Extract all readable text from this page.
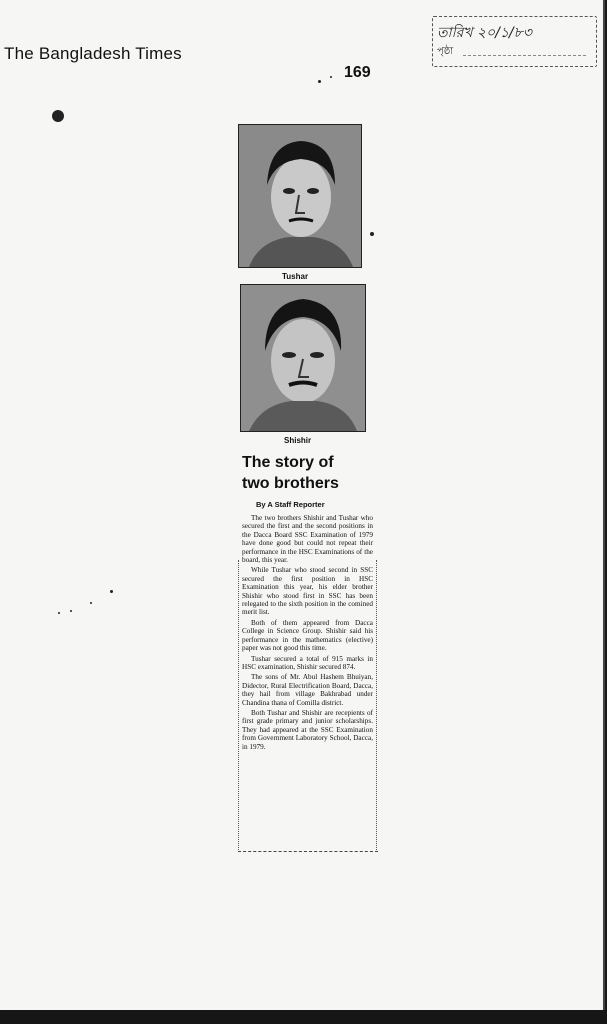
The Bangladesh Times
169
তারিখ ২০/১/৮৩
পৃষ্ঠা
Tushar
Shishir
The story of
two brothers
By A Staff Reporter

The two brothers Shishir and Tushar who secured the first and the second positions in the Dacca Board SSC Examination of 1979 have done good but could not repeat their performance in the HSC Examinations of the board, this year.

While Tushar who stood second in SSC secured the first position in HSC Examination this year, his elder brother Shishir who stood first in SSC has been relegated to the sixth position in the comined merit list.

Both of them appeared from Dacca College in Science Group. Shishir said his performance in the mathematics (elective) paper was not good this time.

Tushar secured a total of 915 marks in HSC examination, Shishir secured 874.

The sons of Mr. Abul Hashem Bhuiyan, Didector, Rural Electrification Board, Dacca, they hail from village Bakhrabad under Chandina thana of Comilla district.

Both Tushar and Shishir are recepients of first grade primary and junior scholarships. They had appeared at the SSC Examination from Government Laboratory School, Dacca, in 1979.
